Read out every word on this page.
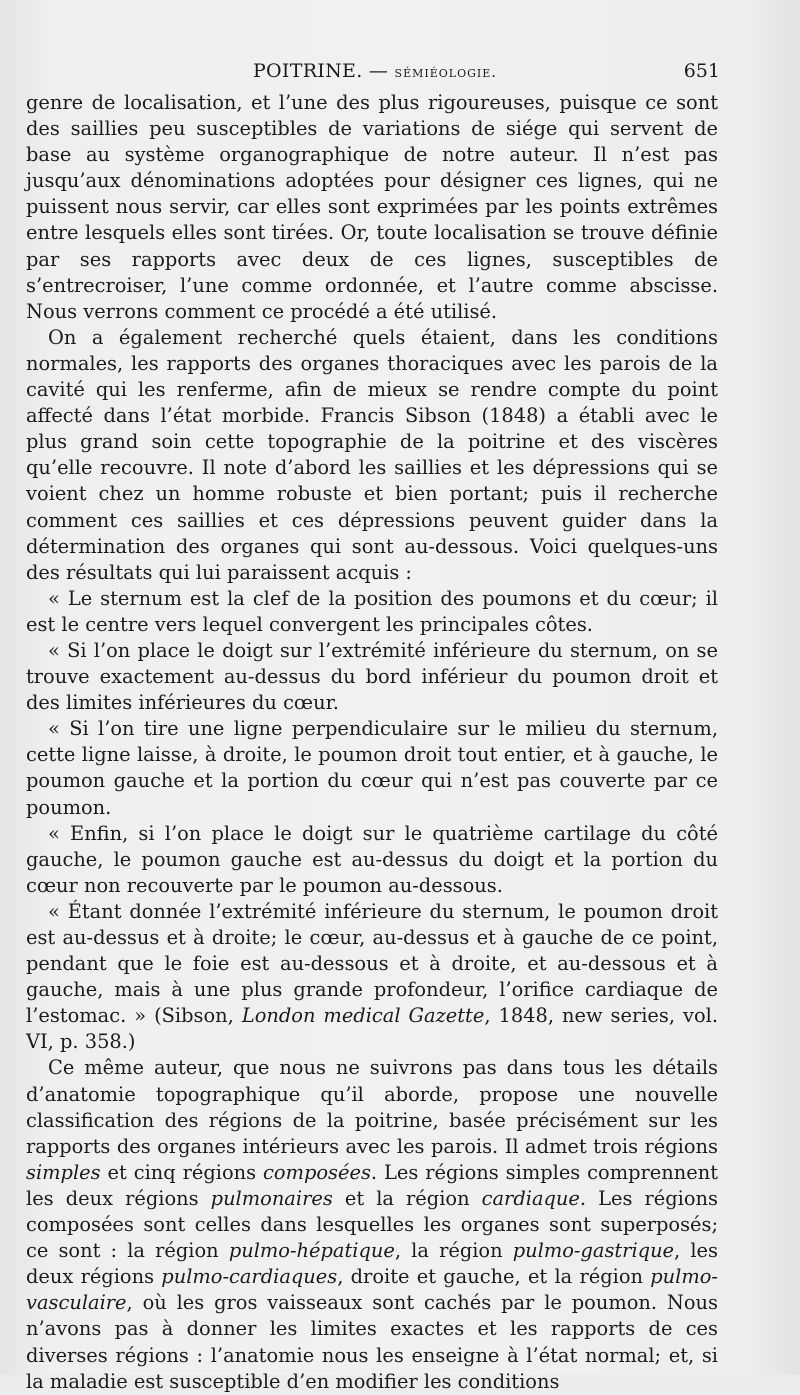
POITRINE. — sémiéologie.	651

genre de localisation, et l’une des plus rigoureuses, puisque ce sont des saillies peu susceptibles de variations de siége qui servent de base au système organographique de notre auteur. Il n’est pas jusqu’aux dénominations adoptées pour désigner ces lignes, qui ne puissent nous servir, car elles sont exprimées par les points extrêmes entre lesquels elles sont tirées. Or, toute localisation se trouve définie par ses rapports avec deux de ces lignes, susceptibles de s’entrecroiser, l’une comme ordonnée, et l’autre comme abscisse. Nous verrons comment ce procédé a été utilisé.

On a également recherché quels étaient, dans les conditions normales, les rapports des organes thoraciques avec les parois de la cavité qui les renferme, afin de mieux se rendre compte du point affecté dans l’état morbide. Francis Sibson (1848) a établi avec le plus grand soin cette topographie de la poitrine et des viscères qu’elle recouvre. Il note d’abord les saillies et les dépressions qui se voient chez un homme robuste et bien portant; puis il recherche comment ces saillies et ces dépressions peuvent guider dans la détermination des organes qui sont au-dessous. Voici quelques-uns des résultats qui lui paraissent acquis :

« Le sternum est la clef de la position des poumons et du cœur; il est le centre vers lequel convergent les principales côtes.

« Si l’on place le doigt sur l’extrémité inférieure du sternum, on se trouve exactement au-dessus du bord inférieur du poumon droit et des limites inférieures du cœur.

« Si l’on tire une ligne perpendiculaire sur le milieu du sternum, cette ligne laisse, à droite, le poumon droit tout entier, et à gauche, le poumon gauche et la portion du cœur qui n’est pas couverte par ce poumon.

« Enfin, si l’on place le doigt sur le quatrième cartilage du côté gauche, le poumon gauche est au-dessus du doigt et la portion du cœur non recouverte par le poumon au-dessous.

« Étant donnée l’extrémité inférieure du sternum, le poumon droit est au-dessus et à droite; le cœur, au-dessus et à gauche de ce point, pendant que le foie est au-dessous et à droite, et au-dessous et à gauche, mais à une plus grande profondeur, l’orifice cardiaque de l’estomac. » (Sibson, London medical Gazette, 1848, new series, vol. VI, p. 358.)

Ce même auteur, que nous ne suivrons pas dans tous les détails d’anatomie topographique qu’il aborde, propose une nouvelle classification des régions de la poitrine, basée précisément sur les rapports des organes intérieurs avec les parois. Il admet trois régions simples et cinq régions composées. Les régions simples comprennent les deux régions pulmonaires et la région cardiaque. Les régions composées sont celles dans lesquelles les organes sont superposés; ce sont : la région pulmo-hépatique, la région pulmo-gastrique, les deux régions pulmo-cardiaques, droite et gauche, et la région pulmo-vasculaire, où les gros vaisseaux sont cachés par le poumon. Nous n’avons pas à donner les limites exactes et les rapports de ces diverses régions : l’anatomie nous les enseigne à l’état normal; et, si la maladie est susceptible d’en modifier les conditions
